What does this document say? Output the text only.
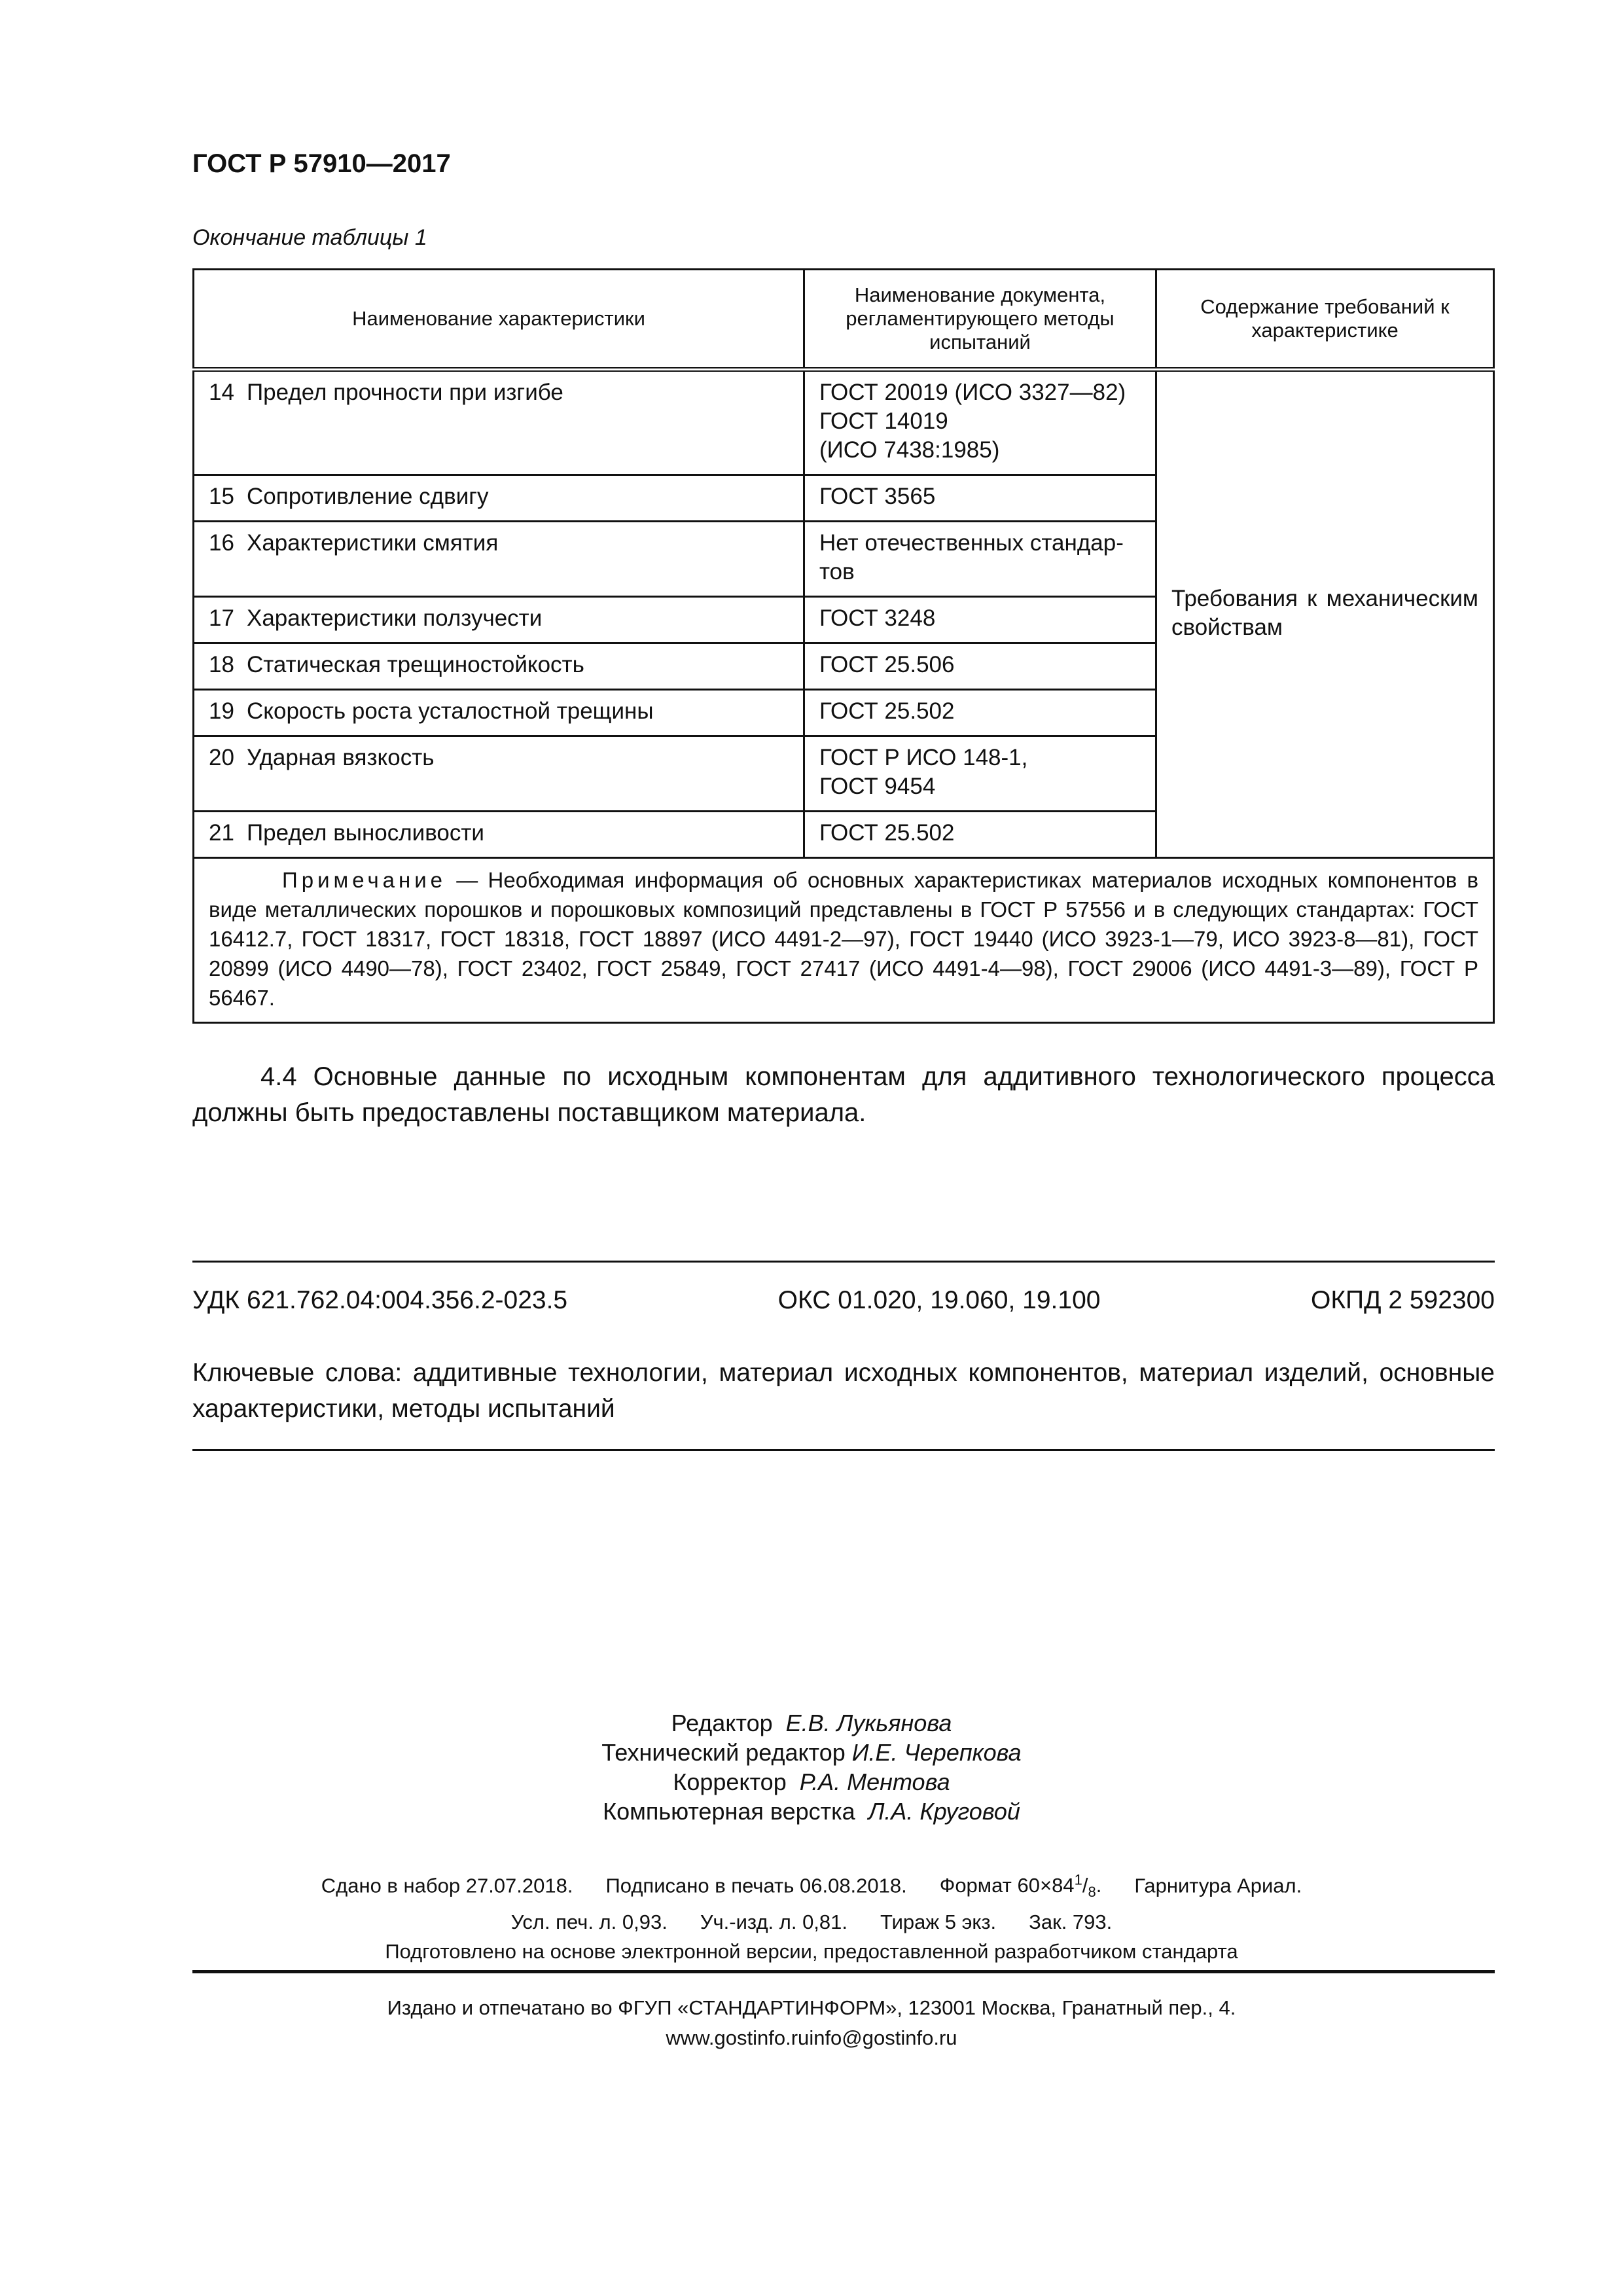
ГОСТ Р 57910—2017
Окончание таблицы 1
Наименование характеристики	Наименование документа, регламентирующего методы испытаний	Содержание требований к характеристике
14 Предел прочности при изгибе	ГОСТ 20019 (ИСО 3327—82)
ГОСТ 14019
(ИСО 7438:1985)	Требования к механическим свойствам
15 Сопротивление сдвигу	ГОСТ 3565	

16 Характеристики смятия	Нет отечественных стандар-
тов	

17 Характеристики ползучести	ГОСТ 3248	

18 Статическая трещиностойкость	ГОСТ 25.506	

19 Скорость роста усталостной трещины	ГОСТ 25.502	

20 Ударная вязкость	ГОСТ Р ИСО 148-1,
ГОСТ 9454	

21 Предел выносливости	ГОСТ 25.502	

Примечание — Необходимая информация об основных характеристиках материалов исходных компонентов в виде металлических порошков и порошковых композиций представлены в ГОСТ Р 57556 и в следующих стандартах: ГОСТ 16412.7, ГОСТ 18317, ГОСТ 18318, ГОСТ 18897 (ИСО 4491-2—97), ГОСТ 19440 (ИСО 3923-1—79, ИСО 3923-8—81), ГОСТ 20899 (ИСО 4490—78), ГОСТ 23402, ГОСТ 25849, ГОСТ 27417 (ИСО 4491-4—98), ГОСТ 29006 (ИСО 4491-3—89), ГОСТ Р 56467.		
4.4 Основные данные по исходным компонентам для аддитивного технологического процесса должны быть предоставлены поставщиком материала.
УДК 621.762.04:004.356.2-023.5	ОКС 01.020, 19.060, 19.100	ОКПД 2 592300
Ключевые слова: аддитивные технологии, материал исходных компонентов, материал изделий, основные характеристики, методы испытаний
Редактор Е.В. Лукьянова
Технический редактор И.Е. Черепкова
Корректор Р.А. Ментова
Компьютерная верстка Л.А. Круговой
Сдано в набор 27.07.2018. Подписано в печать 06.08.2018. Формат $60\times 84^1/_8$. Гарнитура Ариал.
Усл. печ. л. 0,93. Уч.-изд. л. 0,81. Тираж 5 экз. Зак. 793.
Подготовлено на основе электронной версии, предоставленной разработчиком стандарта
Издано и отпечатано во ФГУП «СТАНДАРТИНФОРМ», 123001 Москва, Гранатный пер., 4.
www.gostinfo.ruinfo@gostinfo.ru
